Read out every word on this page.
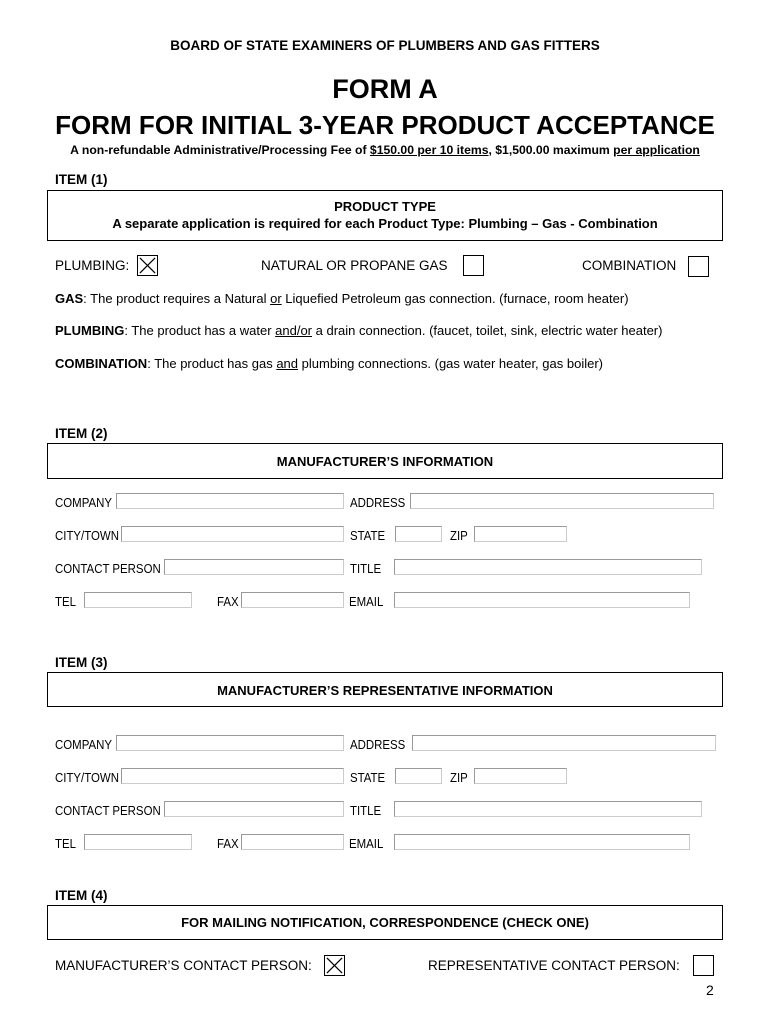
BOARD OF STATE EXAMINERS OF PLUMBERS AND GAS FITTERS
FORM A
FORM FOR INITIAL 3-YEAR PRODUCT ACCEPTANCE
A non-refundable Administrative/Processing Fee of $150.00 per 10 items, $1,500.00 maximum per application
ITEM (1)
PRODUCT TYPE
A separate application is required for each Product Type: Plumbing – Gas - Combination
PLUMBING:	NATURAL OR PROPANE GAS	COMBINATION
GAS: The product requires a Natural or Liquefied Petroleum gas connection. (furnace, room heater)
PLUMBING: The product has a water and/or a drain connection. (faucet, toilet, sink, electric water heater)
COMBINATION: The product has gas and plumbing connections. (gas water heater, gas boiler)
ITEM (2)
MANUFACTURER’S INFORMATION
COMPANY	ADDRESS
CITY/TOWN	STATE	ZIP
CONTACT PERSON	TITLE
TEL	FAX	EMAIL
ITEM (3)
MANUFACTURER’S REPRESENTATIVE INFORMATION
COMPANY	ADDRESS
CITY/TOWN	STATE	ZIP
CONTACT PERSON	TITLE
TEL	FAX	EMAIL
ITEM (4)
FOR MAILING NOTIFICATION, CORRESPONDENCE (CHECK ONE)
MANUFACTURER’S CONTACT PERSON:	REPRESENTATIVE CONTACT PERSON:
2
